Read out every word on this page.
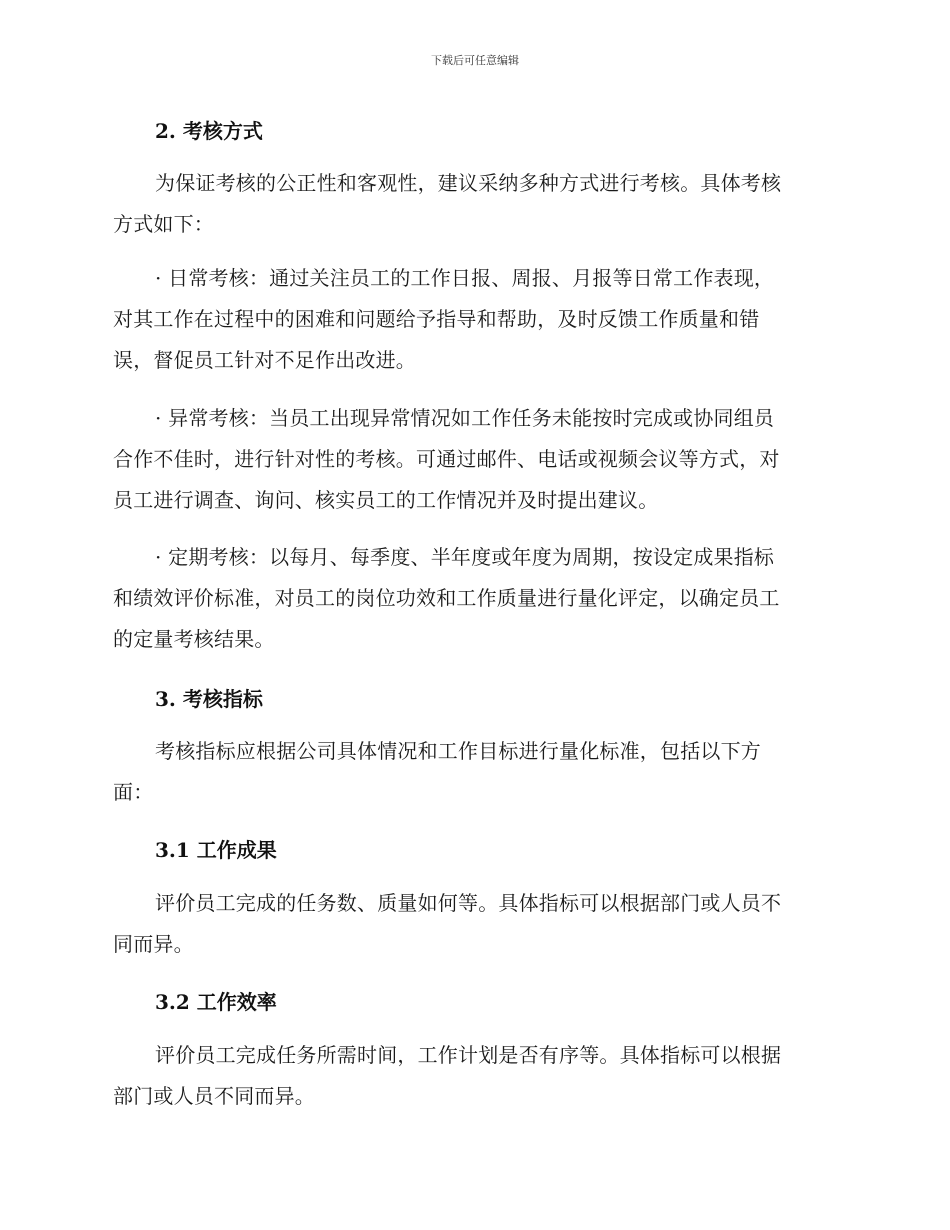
下载后可任意编辑
2. 考核方式
为保证考核的公正性和客观性，建议采纳多种方式进行考核。具体考核
方式如下：
· 日常考核：通过关注员工的工作日报、周报、月报等日常工作表现，
对其工作在过程中的困难和问题给予指导和帮助，及时反馈工作质量和错
误，督促员工针对不足作出改进。
· 异常考核：当员工出现异常情况如工作任务未能按时完成或协同组员
合作不佳时，进行针对性的考核。可通过邮件、电话或视频会议等方式，对
员工进行调查、询问、核实员工的工作情况并及时提出建议。
· 定期考核：以每月、每季度、半年度或年度为周期，按设定成果指标
和绩效评价标准，对员工的岗位功效和工作质量进行量化评定，以确定员工
的定量考核结果。
3. 考核指标
考核指标应根据公司具体情况和工作目标进行量化标准，包括以下方
面：
3.1 工作成果
评价员工完成的任务数、质量如何等。具体指标可以根据部门或人员不
同而异。
3.2 工作效率
评价员工完成任务所需时间，工作计划是否有序等。具体指标可以根据
部门或人员不同而异。
